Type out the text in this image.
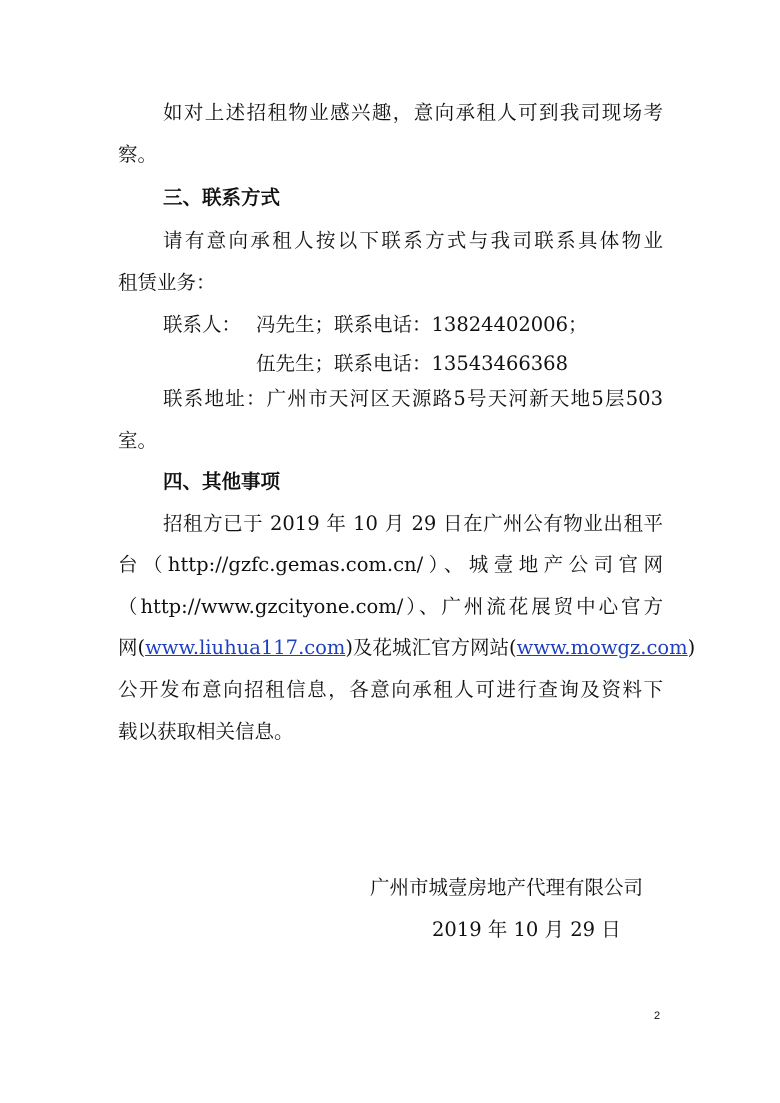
如对上述招租物业感兴趣，意向承租人可到我司现场考
察。
三、联系方式
请有意向承租人按以下联系方式与我司联系具体物业
租赁业务：
联系人： 冯先生；联系电话：13824402006；
伍先生；联系电话：13543466368
联系地址：广州市天河区天源路5号天河新天地5层503
室。
四、其他事项
招租方已于 2019 年 10 月 29 日在广州公有物业出租平
台（http://gzfc.gemas.com.cn/）、城壹地产公司官网
（http://www.gzcityone.com/）、广州流花展贸中心官方
网( www.liuhua117.com )及花城汇官方网站( www.mowgz.com )
公开发布意向招租信息，各意向承租人可进行查询及资料下
载以获取相关信息。
广州市城壹房地产代理有限公司
2019 年 10 月 29 日
2
